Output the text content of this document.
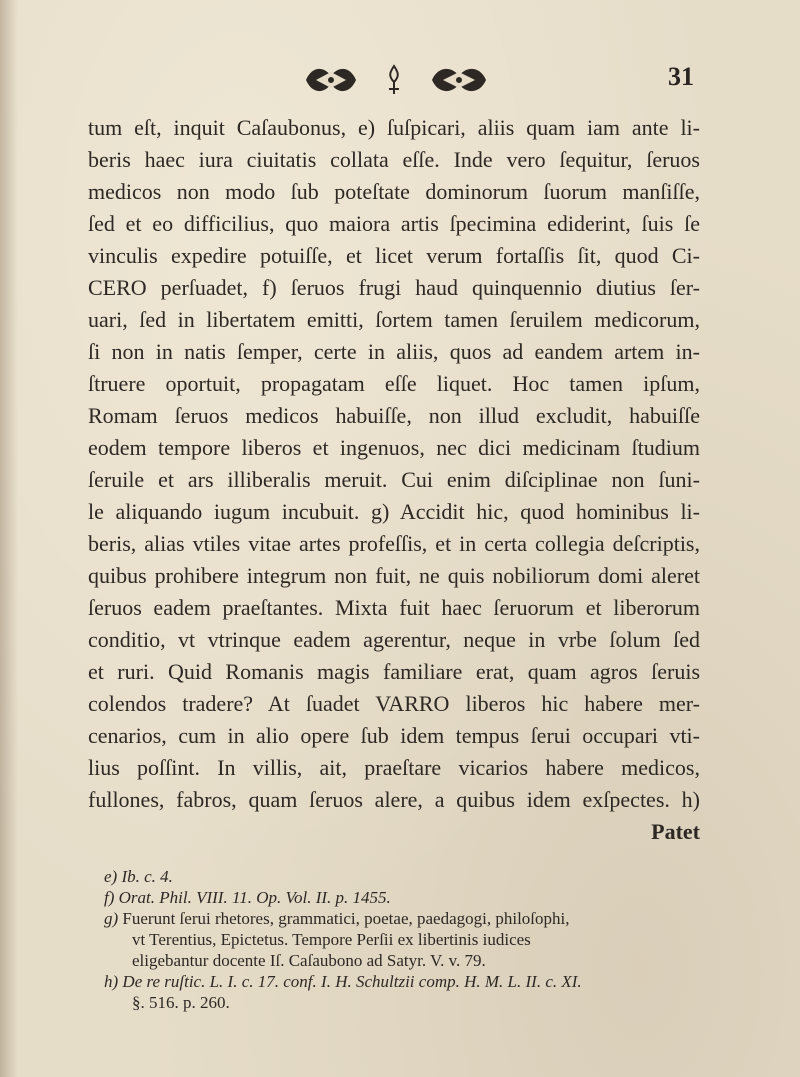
31
tum eſt, inquit Caſaubonus, e) ſuſpicari, aliis quam iam ante li-
beris haec iura ciuitatis collata eſſe. Inde vero ſequitur, ſeruos
medicos non modo ſub poteſtate dominorum ſuorum manſiſſe,
ſed et eo difficilius, quo maiora artis ſpecimina ediderint, ſuis ſe
vinculis expedire potuiſſe, et licet verum fortaſſis ſit, quod Ci-
CERO perſuadet, f) ſeruos frugi haud quinquennio diutius ſer-
uari, ſed in libertatem emitti, ſortem tamen ſeruilem medicorum,
ſi non in natis ſemper, certe in aliis, quos ad eandem artem in-
ſtruere oportuit, propagatam eſſe liquet. Hoc tamen ipſum,
Romam ſeruos medicos habuiſſe, non illud excludit, habuiſſe
eodem tempore liberos et ingenuos, nec dici medicinam ſtudium
ſeruile et ars illiberalis meruit. Cui enim diſciplinae non ſuni-
le aliquando iugum incubuit. g) Accidit hic, quod hominibus li-
beris, alias vtiles vitae artes profeſſis, et in certa collegia deſcriptis,
quibus prohibere integrum non fuit, ne quis nobiliorum domi aleret
ſeruos eadem praeſtantes. Mixta fuit haec ſeruorum et liberorum
conditio, vt vtrinque eadem agerentur, neque in vrbe ſolum ſed
et ruri. Quid Romanis magis familiare erat, quam agros ſeruis
colendos tradere? At ſuadet VARRO liberos hic habere mer-
cenarios, cum in alio opere ſub idem tempus ſerui occupari vti-
lius poſſint. In villis, ait, praeſtare vicarios habere medicos,
fullones, fabros, quam ſeruos alere, a quibus idem exſpectes. h)
Patet
e) Ib. c. 4.
f) Orat. Phil. VIII. 11. Op. Vol. II. p. 1455.
g) Fuerunt ſerui rhetores, grammatici, poetae, paedagogi, philoſophi,
vt Terentius, Epictetus. Tempore Perſii ex libertinis iudices
eligebantur docente Iſ. Caſaubono ad Satyr. V. v. 79.
h) De re ruſtic. L. I. c. 17. conf. I. H. Schultzii comp. H. M. L. II. c. XI.
§. 516. p. 260.
